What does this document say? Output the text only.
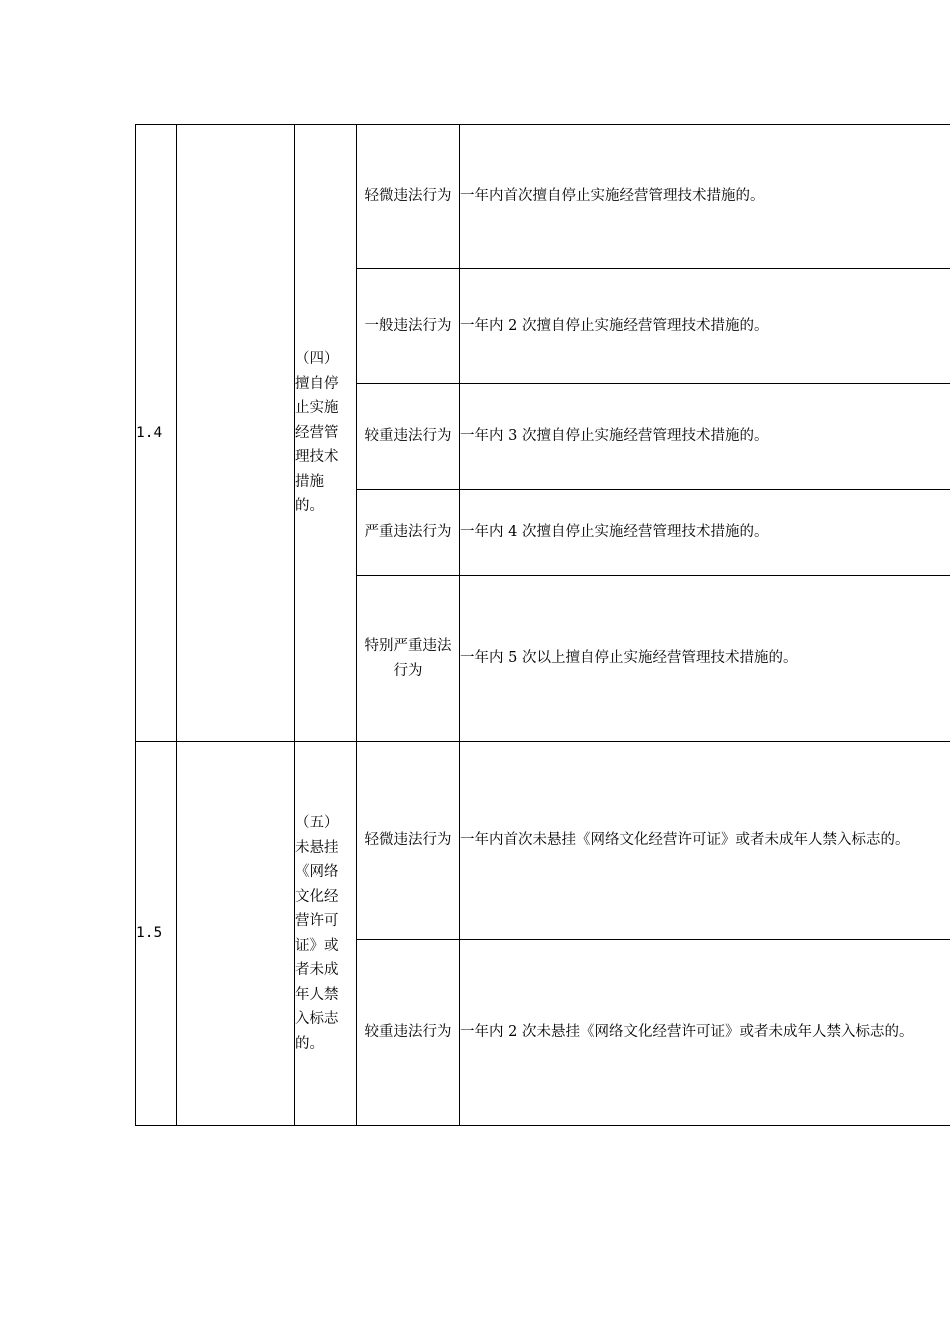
1.4		（四）擅自停止实施经营管理技术措施的。	轻微违法行为	一年内首次擅自停止实施经营管理技术措施的。
			一般违法行为	一年内 2 次擅自停止实施经营管理技术措施的。
			较重违法行为	一年内 3 次擅自停止实施经营管理技术措施的。
			严重违法行为	一年内 4 次擅自停止实施经营管理技术措施的。
			特别严重违法行为	一年内 5 次以上擅自停止实施经营管理技术措施的。
1.5		（五）未悬挂《网络文化经营许可证》或者未成年人禁入标志的。	轻微违法行为	一年内首次未悬挂《网络文化经营许可证》或者未成年人禁入标志的。
			较重违法行为	一年内 2 次未悬挂《网络文化经营许可证》或者未成年人禁入标志的。
